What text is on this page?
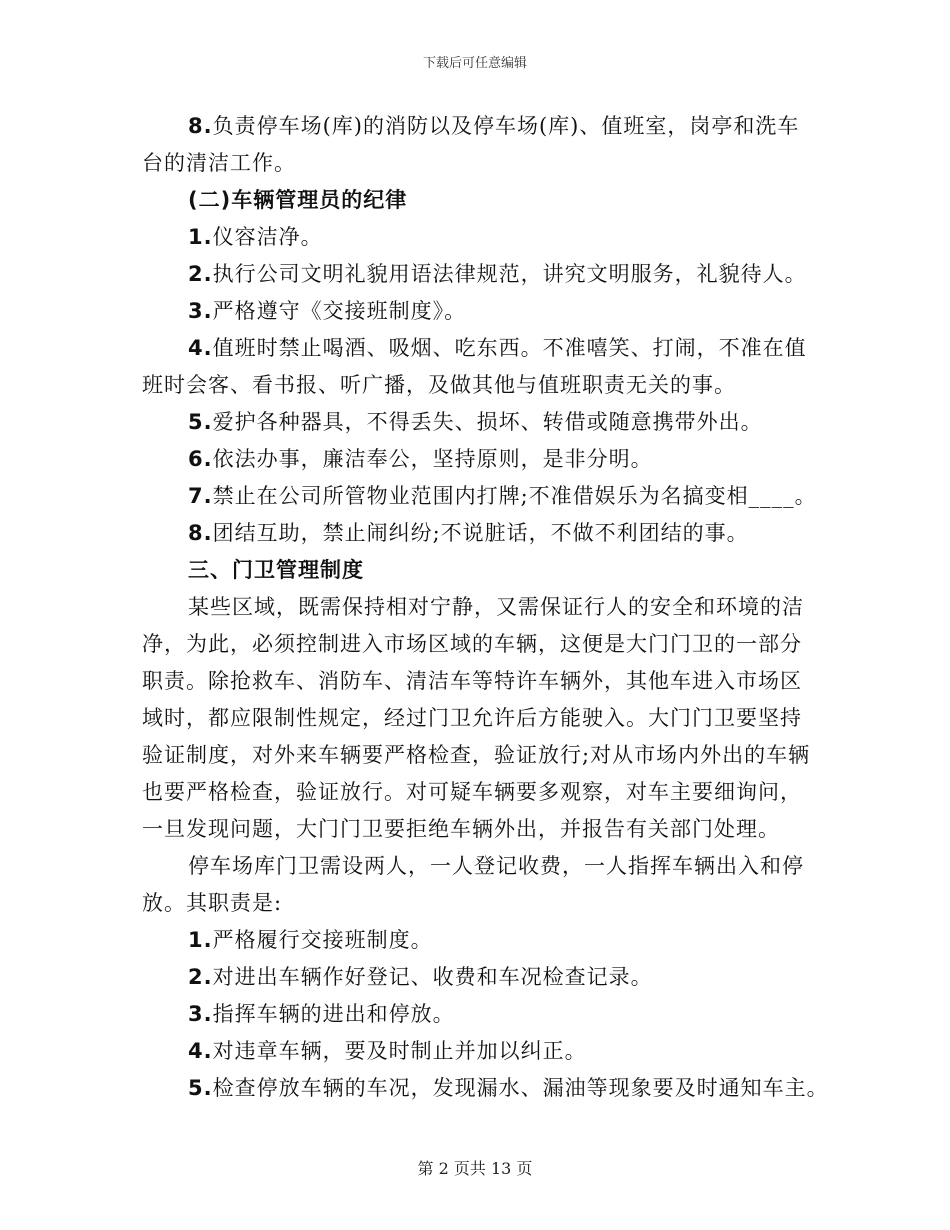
下载后可任意编辑

8.负责停车场(库)的消防以及停车场(库)、值班室，岗亭和洗车

台的清洁工作。

(二)车辆管理员的纪律

1.仪容洁净。

2.执行公司文明礼貌用语法律规范，讲究文明服务，礼貌待人。

3.严格遵守《交接班制度》。

4.值班时禁止喝酒、吸烟、吃东西。不准嘻笑、打闹，不准在值

班时会客、看书报、听广播，及做其他与值班职责无关的事。

5.爱护各种器具，不得丢失、损坏、转借或随意携带外出。

6.依法办事，廉洁奉公，坚持原则，是非分明。

7.禁止在公司所管物业范围内打牌;不准借娱乐为名搞变相____。

8.团结互助，禁止闹纠纷;不说脏话，不做不利团结的事。

三、门卫管理制度

某些区域，既需保持相对宁静，又需保证行人的安全和环境的洁

净，为此，必须控制进入市场区域的车辆，这便是大门门卫的一部分

职责。除抢救车、消防车、清洁车等特许车辆外，其他车进入市场区

域时，都应限制性规定，经过门卫允许后方能驶入。大门门卫要坚持

验证制度，对外来车辆要严格检查，验证放行;对从市场内外出的车辆

也要严格检查，验证放行。对可疑车辆要多观察，对车主要细询问，

一旦发现问题，大门门卫要拒绝车辆外出，并报告有关部门处理。

停车场库门卫需设两人，一人登记收费，一人指挥车辆出入和停

放。其职责是:

1.严格履行交接班制度。

2.对进出车辆作好登记、收费和车况检查记录。

3.指挥车辆的进出和停放。

4.对违章车辆，要及时制止并加以纠正。

5.检查停放车辆的车况，发现漏水、漏油等现象要及时通知车主。

第 2 页共 13 页
